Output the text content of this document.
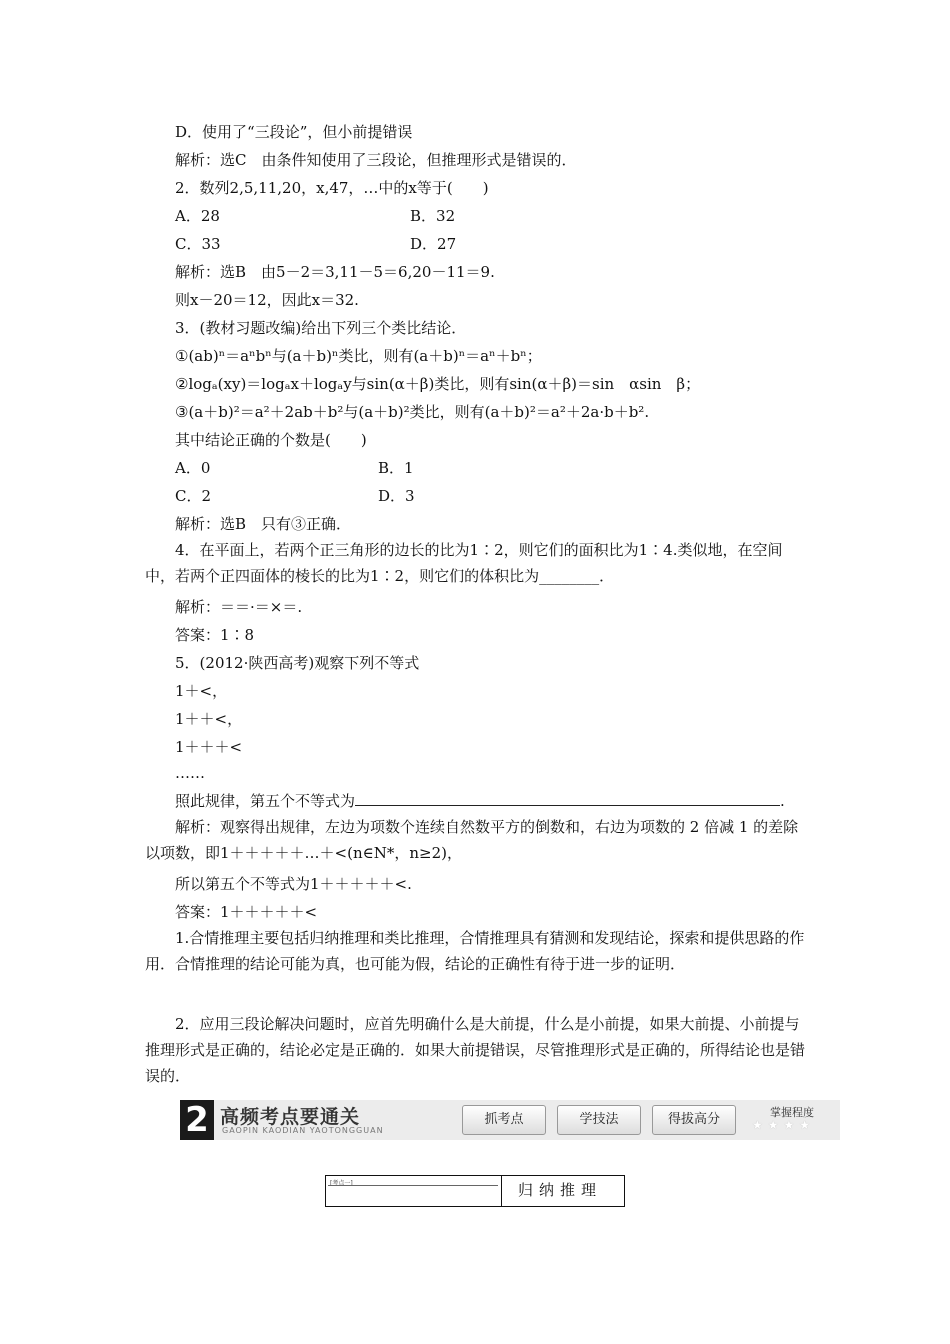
D．使用了“三段论”，但小前提错误
解析：选C　由条件知使用了三段论，但推理形式是错误的．
2．数列2,5,11,20，x,47，…中的x等于(　　)
A．28	B．32
C．33	D．27
解析：选B　由5－2＝3,11－5＝6,20－11＝9.
则x－20＝12，因此x＝32.
3．(教材习题改编)给出下列三个类比结论．
①(ab)ⁿ＝aⁿbⁿ与(a＋b)ⁿ类比，则有(a＋b)ⁿ＝aⁿ＋bⁿ；
②logₐ(xy)＝logₐx＋logₐy与sin(α＋β)类比，则有sin(α＋β)＝sin　αsin　β；
③(a＋b)²＝a²＋2ab＋b²与(a＋b)²类比，则有(a＋b)²＝a²＋2a·b＋b².
其中结论正确的个数是(　　)
A．0	B．1
C．2	D．3
解析：选B　只有③正确．
4．在平面上，若两个正三角形的边长的比为1∶2，则它们的面积比为1∶4.类似地，在空间中，若两个正四面体的棱长的比为1∶2，则它们的体积比为________．
解析：＝＝·＝×＝.
答案：1∶8
5．(2012·陕西高考)观察下列不等式
1＋<，
1＋＋<，
1＋＋＋<
……
照此规律，第五个不等式为	.
解析：观察得出规律，左边为项数个连续自然数平方的倒数和，右边为项数的 2 倍减 1 的差除以项数，即1＋＋＋＋＋…＋<(n∈N*，n≥2)，
所以第五个不等式为1＋＋＋＋＋<.
答案：1＋＋＋＋＋<
1.合情推理主要包括归纳推理和类比推理，合情推理具有猜测和发现结论，探索和提供思路的作用．合情推理的结论可能为真，也可能为假，结论的正确性有待于进一步的证明．
2．应用三段论解决问题时，应首先明确什么是大前提，什么是小前提，如果大前提、小前提与推理形式是正确的，结论必定是正确的．如果大前提错误，尽管推理形式是正确的，所得结论也是错误的．
2 高频考点要通关
GAOPIN KAODIAN YAOTONGGUAN
抓考点	学技法	得拔高分	掌握程度
★★★★
[考点一]	归纳推理
